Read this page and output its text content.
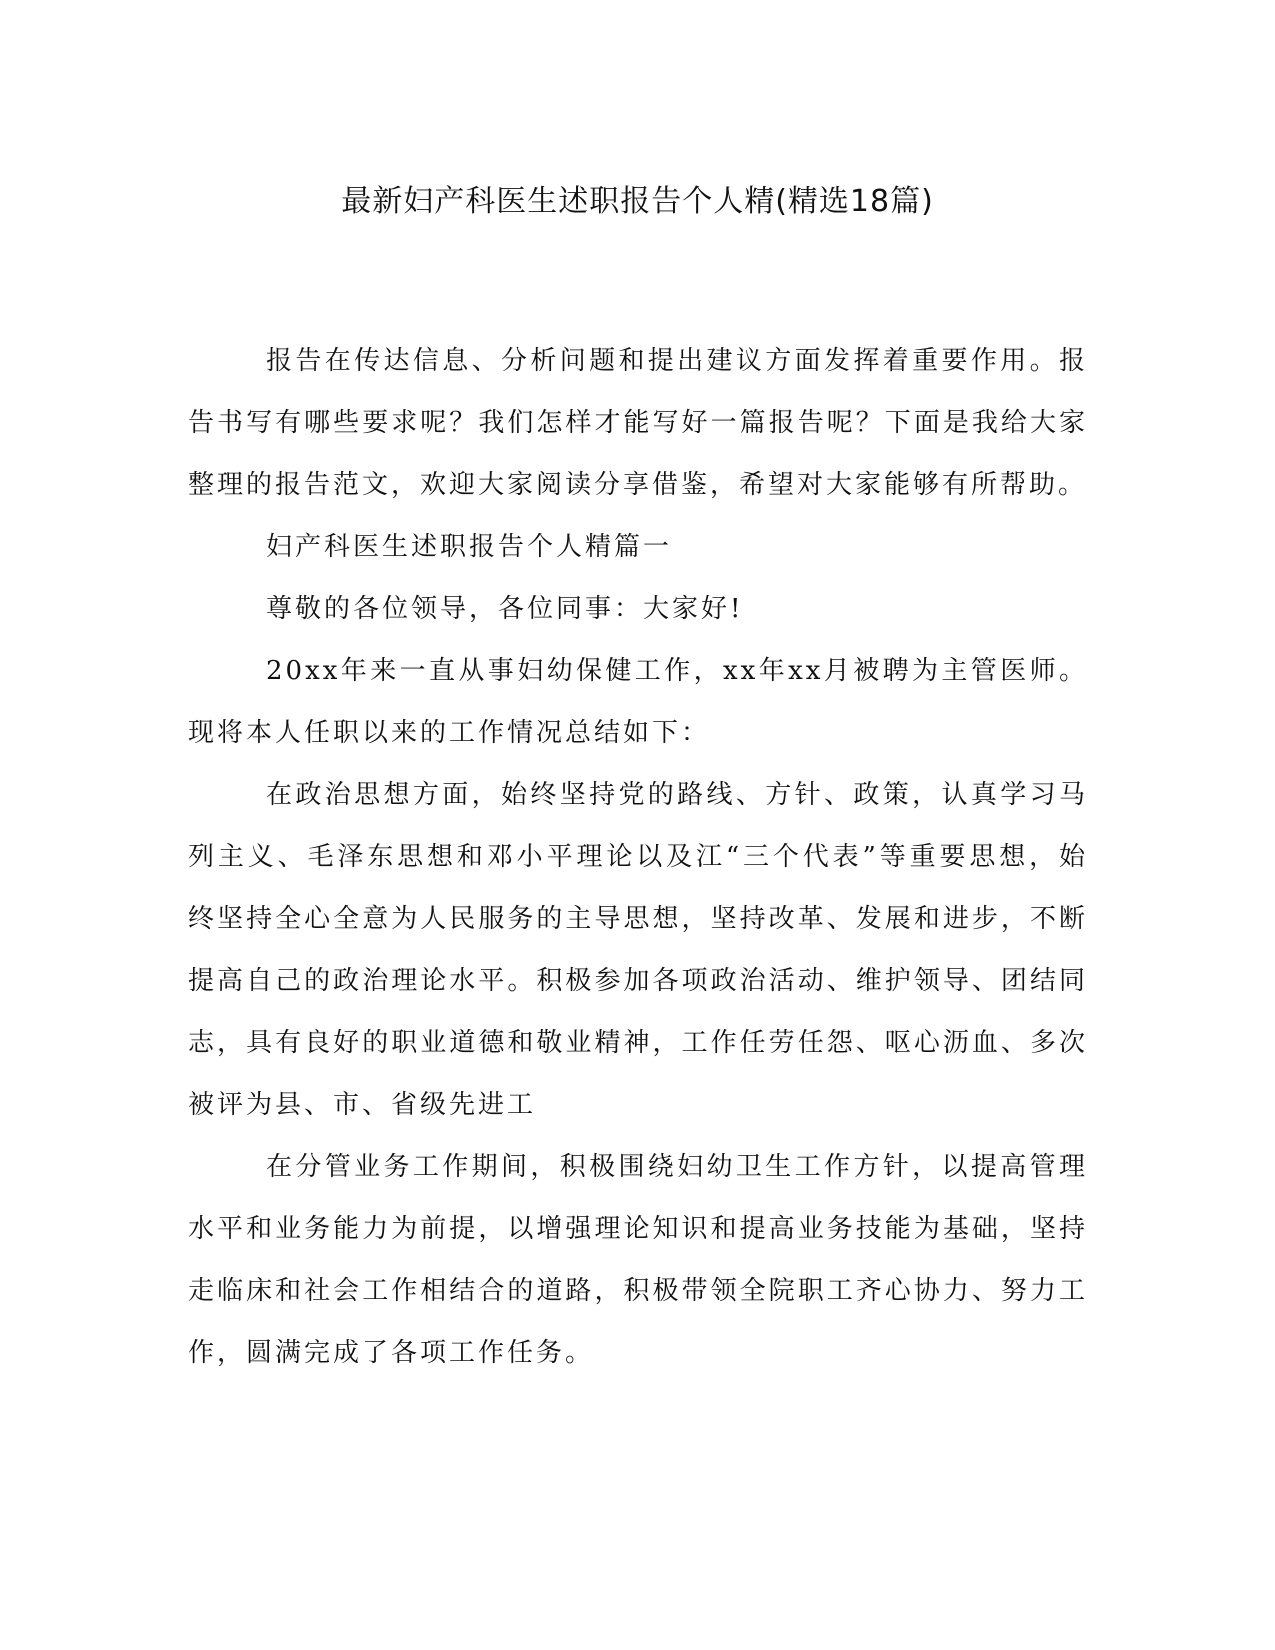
最新妇产科医生述职报告个人精(精选18篇)

报告在传达信息、分析问题和提出建议方面发挥着重要作用。报告书写有哪些要求呢？我们怎样才能写好一篇报告呢？下面是我给大家整理的报告范文，欢迎大家阅读分享借鉴，希望对大家能够有所帮助。

妇产科医生述职报告个人精篇一

尊敬的各位领导，各位同事：大家好!

20xx年来一直从事妇幼保健工作，xx年xx月被聘为主管医师。现将本人任职以来的工作情况总结如下：

在政治思想方面，始终坚持党的路线、方针、政策，认真学习马列主义、毛泽东思想和邓小平理论以及江“三个代表”等重要思想，始终坚持全心全意为人民服务的主导思想，坚持改革、发展和进步，不断提高自己的政治理论水平。积极参加各项政治活动、维护领导、团结同志，具有良好的职业道德和敬业精神，工作任劳任怨、呕心沥血、多次被评为县、市、省级先进工

在分管业务工作期间，积极围绕妇幼卫生工作方针，以提高管理水平和业务能力为前提，以增强理论知识和提高业务技能为基础，坚持走临床和社会工作相结合的道路，积极带领全院职工齐心协力、努力工作，圆满完成了各项工作任务。
